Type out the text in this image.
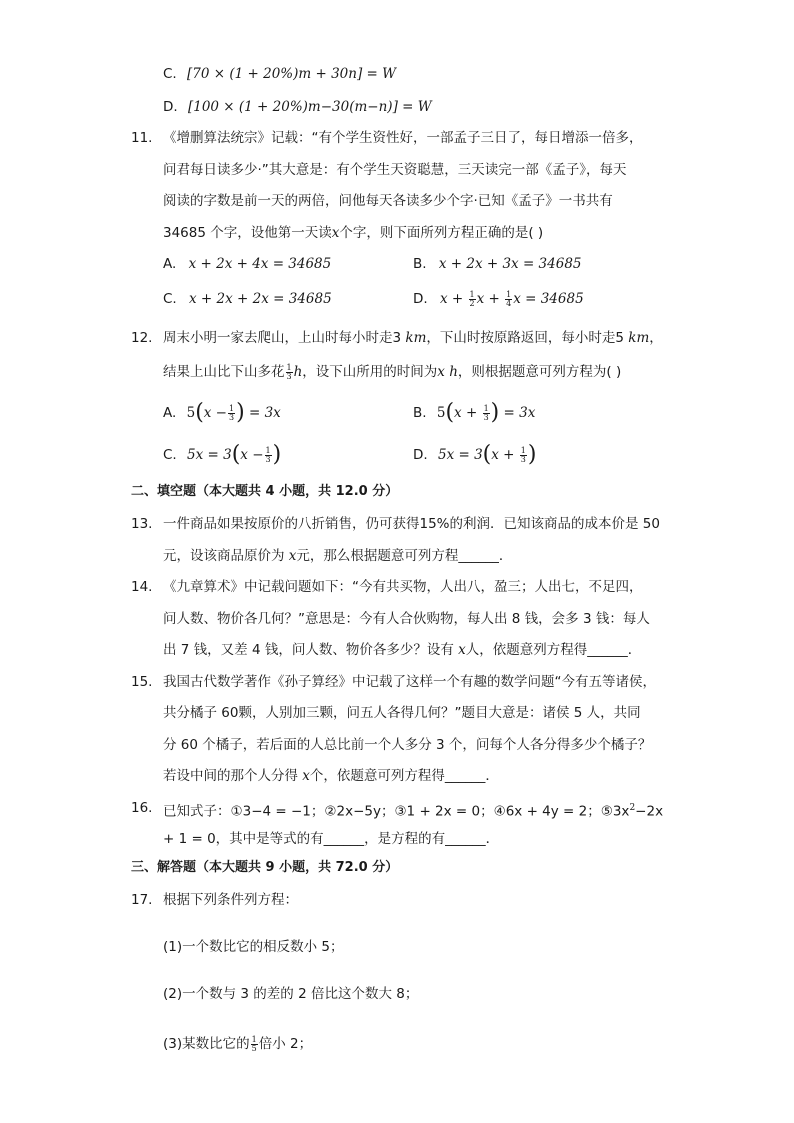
C. [70 × (1 + 20%)m + 30n] = W
D. [100 × (1 + 20%)m−30(m−n)] = W
11. 《增删算法统宗》记载：“有个学生资性好，一部孟子三日了，每日增添一倍多，
问君每日读多少·”其大意是：有个学生天资聪慧，三天读完一部《孟子》，每天
阅读的字数是前一天的两倍，问他每天各读多少个字·已知《孟子》一书共有
34685 个字，设他第一天读x个字，则下面所列方程正确的是( )
A. x + 2x + 4x = 34685	B. x + 2x + 3x = 34685
C. x + 2x + 2x = 34685	D. $x + \frac{1}{2}$ $x + \frac{1}{4}$ x = 34685
12. 周末小明一家去爬山，上山时每小时走3 km，下山时按原路返回，每小时走5 km，
结果上山比下山多花 $\frac{1}{3}$ h，设下山所用的时间为x h，则根据题意可列方程为( )
A. $5(x - \frac{1}{3}$ ) = 3x	B. $5(x + \frac{1}{3}$ ) = 3x
C. $5x = 3(x - \frac{1}{3}$ )	D. $5x = 3(x + \frac{1}{3}$ )
二、填空题（本大题共 4 小题，共 12.0 分）
13. 一件商品如果按原价的八折销售，仍可获得15%的利润．已知该商品的成本价是 50
元，设该商品原价为 x元，那么根据题意可列方程______．
14. 《九章算术》中记载问题如下：“今有共买物，人出八，盈三；人出七，不足四，
问人数、物价各几何？”意思是：今有人合伙购物，每人出 8 钱，会多 3 钱：每人
出 7 钱，又差 4 钱，问人数、物价各多少？设有 x人，依题意列方程得______．
15. 我国古代数学著作《孙子算经》中记载了这样一个有趣的数学问题“今有五等诸侯，
共分橘子 60颗，人别加三颗，问五人各得几何？”题目大意是：诸侯 5 人，共同
分 60 个橘子，若后面的人总比前一个人多分 3 个，问每个人各分得多少个橘子？
若设中间的那个人分得 x个，依题意可列方程得______．
16. 已知式子：①3−4 = −1；②2x−5y；③1 + 2x = 0；④6x + 4y = 2；$⑤3x^2-2x$
+ 1 = 0，其中是等式的有______，是方程的有______．
三、解答题（本大题共 9 小题，共 72.0 分）
17. 根据下列条件列方程：
(1)一个数比它的相反数小 5；
(2)一个数与 3 的差的 2 倍比这个数大 8；
(3)某数比它的 $\frac{1}{5}$ 倍小 2；
